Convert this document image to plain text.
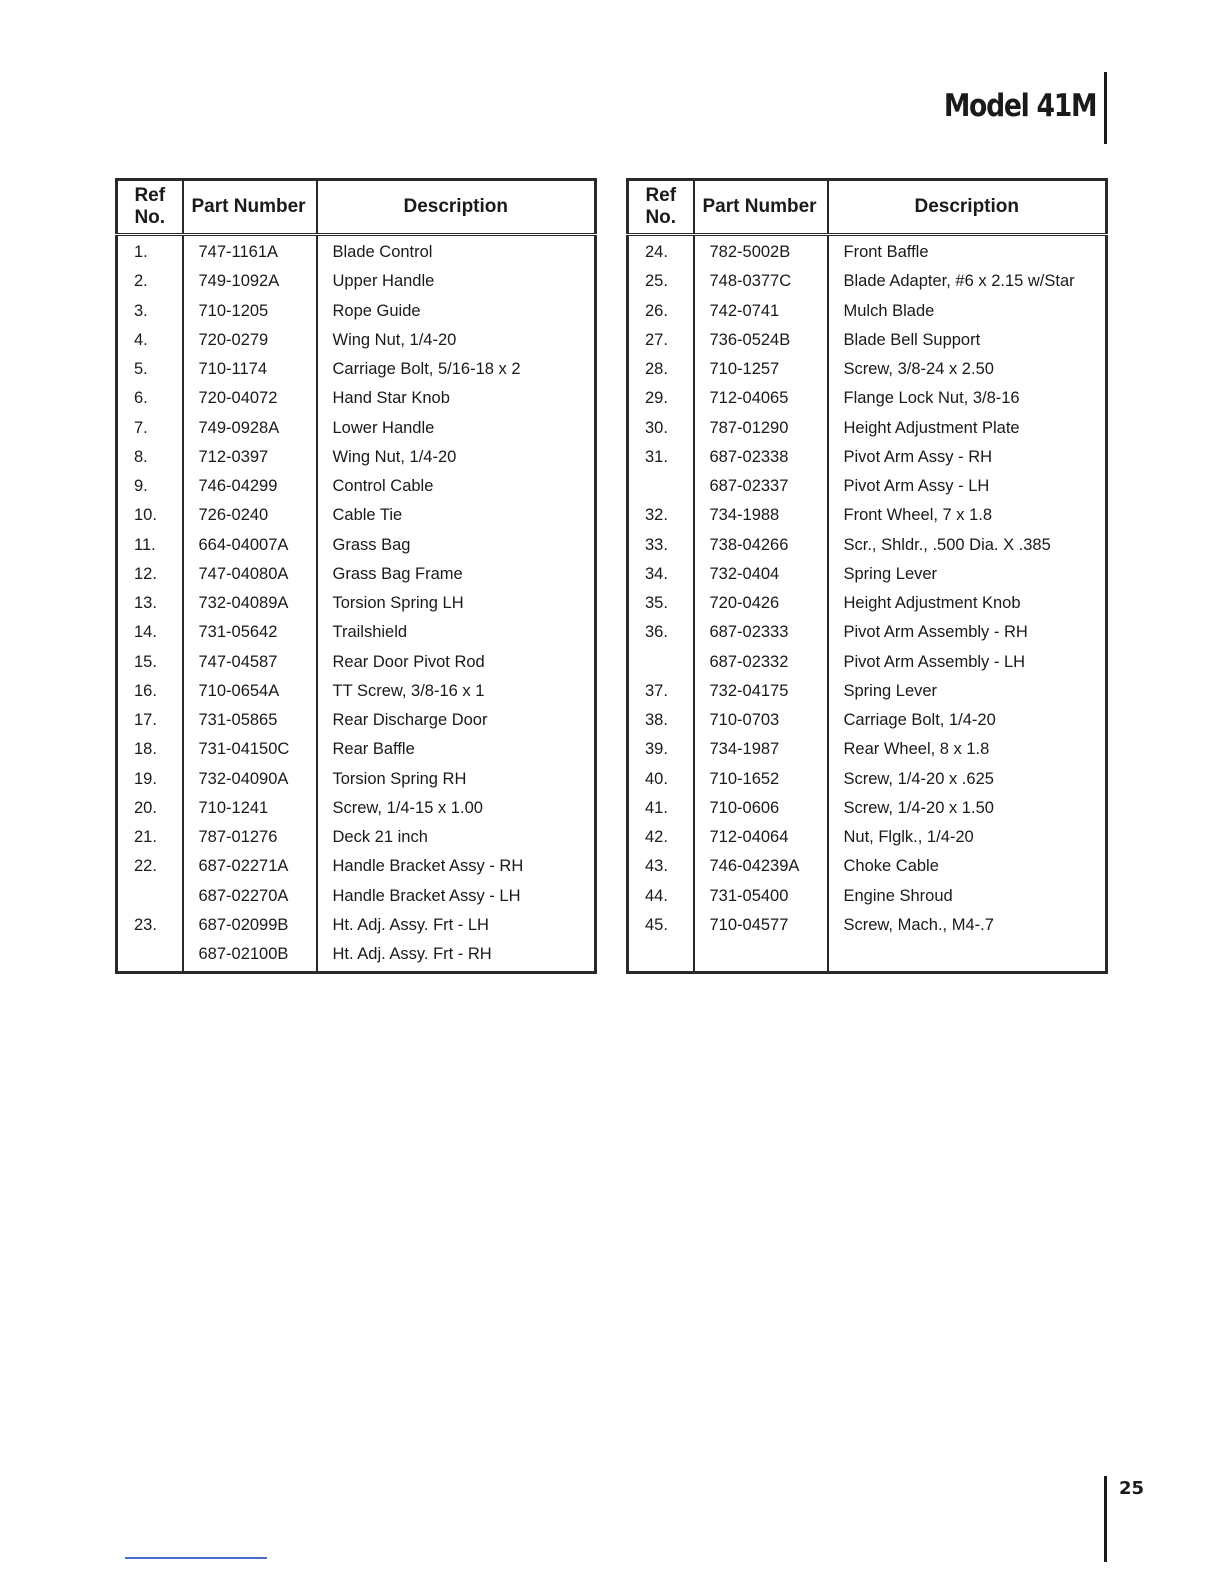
Model 41M
Ref
No.	Part Number	Description
1.	747-1161A	Blade Control
2.	749-1092A	Upper Handle
3.	710-1205	Rope Guide
4.	720-0279	Wing Nut, 1/4-20
5.	710-1174	Carriage Bolt, 5/16-18 x 2
6.	720-04072	Hand Star Knob
7.	749-0928A	Lower Handle
8.	712-0397	Wing Nut, 1/4-20
9.	746-04299	Control Cable
10.	726-0240	Cable Tie
11.	664-04007A	Grass Bag
12.	747-04080A	Grass Bag Frame
13.	732-04089A	Torsion Spring LH
14.	731-05642	Trailshield
15.	747-04587	Rear Door Pivot Rod
16.	710-0654A	TT Screw, 3/8-16 x 1
17.	731-05865	Rear Discharge Door
18.	731-04150C	Rear Baffle
19.	732-04090A	Torsion Spring RH
20.	710-1241	Screw, 1/4-15 x 1.00
21.	787-01276	Deck 21 inch
22.	687-02271A	Handle Bracket Assy - RH
	687-02270A	Handle Bracket Assy - LH
23.	687-02099B	Ht. Adj. Assy. Frt - LH
	687-02100B	Ht. Adj. Assy. Frt - RH
Ref
No.	Part Number	Description
24.	782-5002B	Front Baffle
25.	748-0377C	Blade Adapter, #6 x 2.15 w/Star
26.	742-0741	Mulch Blade
27.	736-0524B	Blade Bell Support
28.	710-1257	Screw, 3/8-24 x 2.50
29.	712-04065	Flange Lock Nut, 3/8-16
30.	787-01290	Height Adjustment Plate
31.	687-02338	Pivot Arm Assy - RH
	687-02337	Pivot Arm Assy - LH
32.	734-1988	Front Wheel, 7 x 1.8
33.	738-04266	Scr., Shldr., .500 Dia. X .385
34.	732-0404	Spring Lever
35.	720-0426	Height Adjustment Knob
36.	687-02333	Pivot Arm Assembly - RH
	687-02332	Pivot Arm Assembly - LH
37.	732-04175	Spring Lever
38.	710-0703	Carriage Bolt, 1/4-20
39.	734-1987	Rear Wheel, 8 x 1.8
40.	710-1652	Screw, 1/4-20 x .625
41.	710-0606	Screw, 1/4-20 x 1.50
42.	712-04064	Nut, Flglk., 1/4-20
43.	746-04239A	Choke Cable
44.	731-05400	Engine Shroud
45.	710-04577	Screw, Mach., M4-.7

25
